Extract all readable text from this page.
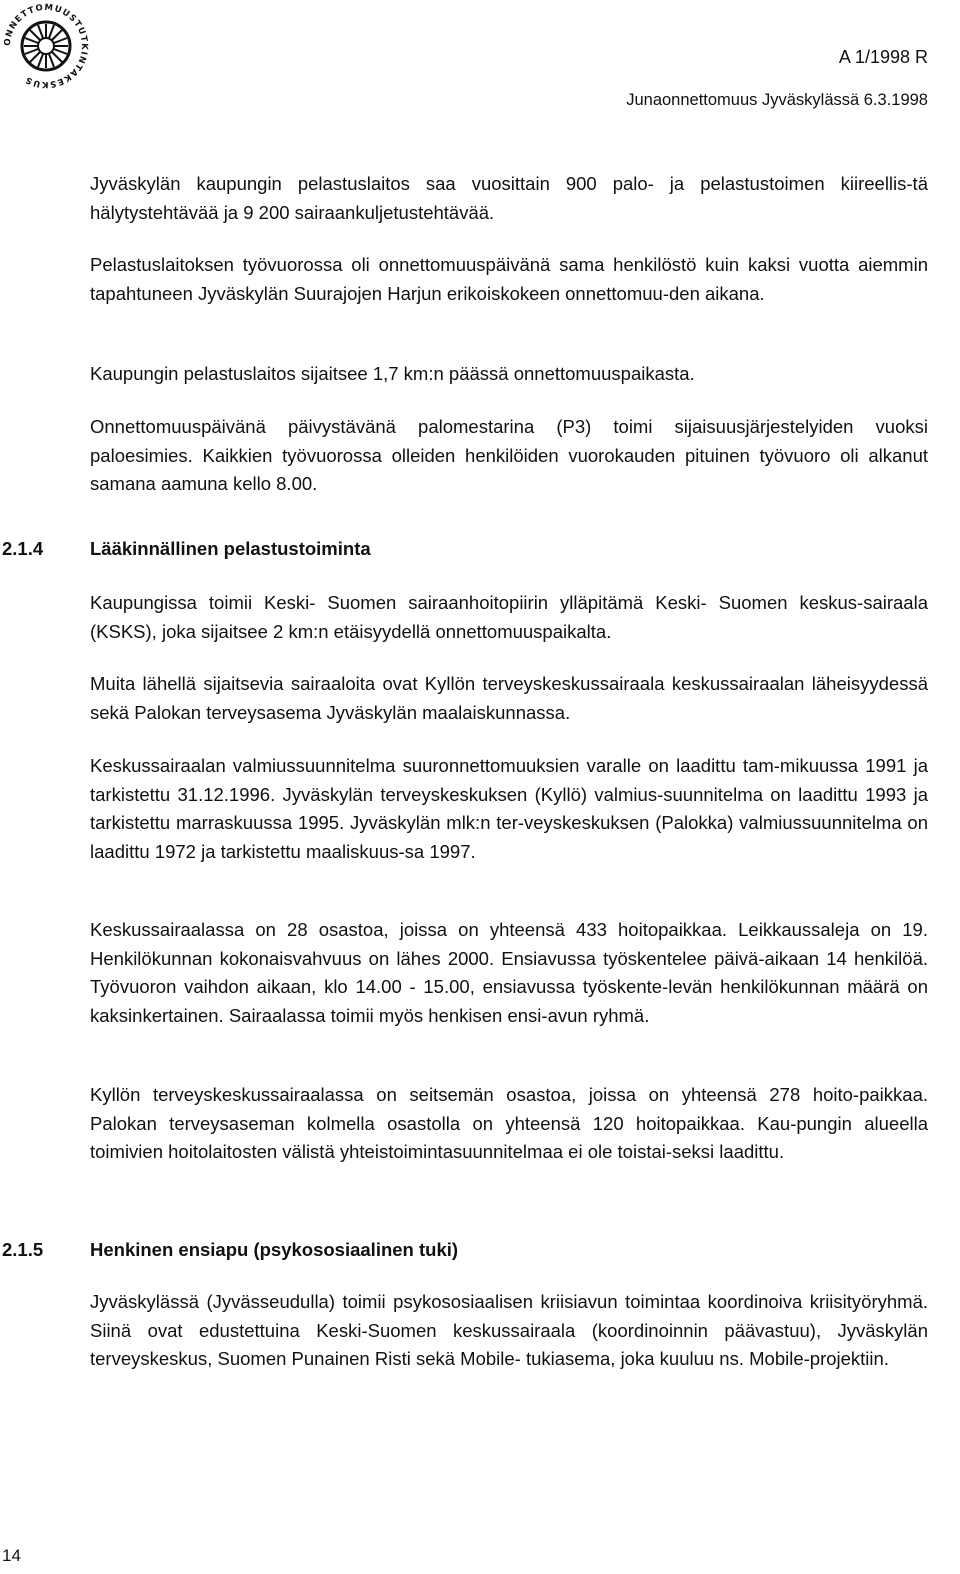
ONNETTOMUUSTUTKINTAKESKUS
A 1/1998 R
Junaonnettomuus Jyväskylässä 6.3.1998

Jyväskylän kaupungin pelastuslaitos saa vuosittain 900 palo- ja pelastustoimen kiireellis-tä hälytystehtävää ja 9 200 sairaankuljetustehtävää.

Pelastuslaitoksen työvuorossa oli onnettomuuspäivänä sama henkilöstö kuin kaksi vuotta aiemmin tapahtuneen Jyväskylän Suurajojen Harjun erikoiskokeen onnettomuu-den aikana.

Kaupungin pelastuslaitos sijaitsee 1,7 km:n päässä onnettomuuspaikasta.

Onnettomuuspäivänä päivystävänä palomestarina (P3) toimi sijaisuusjärjestelyiden vuoksi paloesimies. Kaikkien työvuorossa olleiden henkilöiden vuorokauden pituinen työvuoro oli alkanut samana aamuna kello 8.00.

2.1.4	Lääkinnällinen pelastustoiminta

Kaupungissa toimii Keski- Suomen sairaanhoitopiirin ylläpitämä Keski- Suomen keskus-sairaala (KSKS), joka sijaitsee 2 km:n etäisyydellä onnettomuuspaikalta.

Muita lähellä sijaitsevia sairaaloita ovat Kyllön terveyskeskussairaala keskussairaalan läheisyydessä sekä Palokan terveysasema Jyväskylän maalaiskunnassa.

Keskussairaalan valmiussuunnitelma suuronnettomuuksien varalle on laadittu tam-mikuussa 1991 ja tarkistettu 31.12.1996. Jyväskylän terveyskeskuksen (Kyllö) valmius-suunnitelma on laadittu 1993 ja tarkistettu marraskuussa 1995. Jyväskylän mlk:n ter-veyskeskuksen (Palokka) valmiussuunnitelma on laadittu 1972 ja tarkistettu maaliskuus-sa 1997.

Keskussairaalassa on 28 osastoa, joissa on yhteensä 433 hoitopaikkaa. Leikkaussaleja on 19. Henkilökunnan kokonaisvahvuus on lähes 2000. Ensiavussa työskentelee päivä-aikaan 14 henkilöä. Työvuoron vaihdon aikaan, klo 14.00 - 15.00, ensiavussa työskente-levän henkilökunnan määrä on kaksinkertainen. Sairaalassa toimii myös henkisen ensi-avun ryhmä.

Kyllön terveyskeskussairaalassa on seitsemän osastoa, joissa on yhteensä 278 hoito-paikkaa. Palokan terveysaseman kolmella osastolla on yhteensä 120 hoitopaikkaa. Kau-pungin alueella toimivien hoitolaitosten välistä yhteistoimintasuunnitelmaa ei ole toistai-seksi laadittu.

2.1.5	Henkinen ensiapu (psykososiaalinen tuki)

Jyväskylässä (Jyvässeudulla) toimii psykososiaalisen kriisiavun toimintaa koordinoiva kriisityöryhmä. Siinä ovat edustettuina Keski-Suomen keskussairaala (koordinoinnin päävastuu), Jyväskylän terveyskeskus, Suomen Punainen Risti sekä Mobile- tukiasema, joka kuuluu ns. Mobile-projektiin.

14
